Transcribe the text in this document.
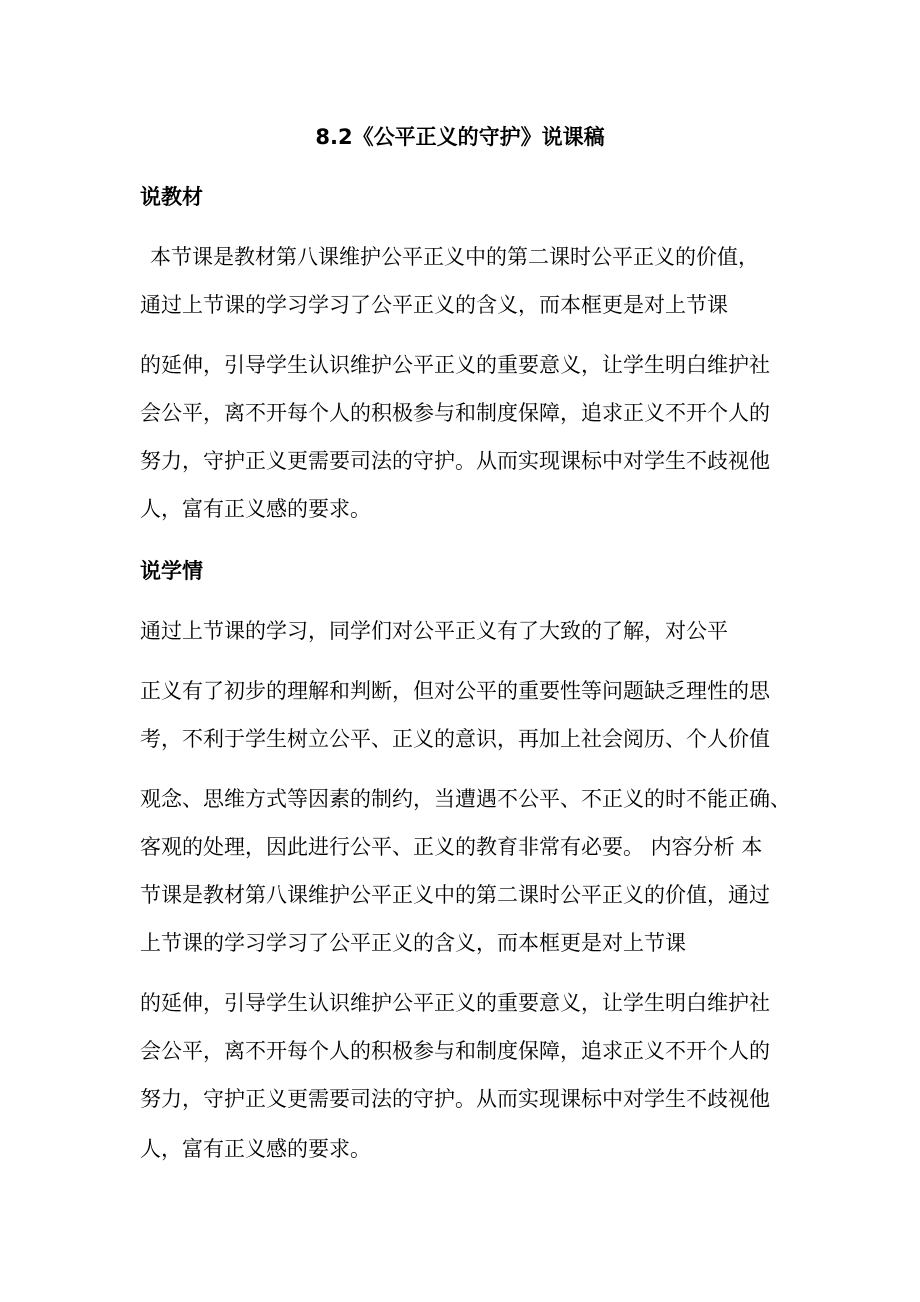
8.2《公平正义的守护》说课稿
说教材
本节课是教材第八课维护公平正义中的第二课时公平正义的价值，
通过上节课的学习学习了公平正义的含义，而本框更是对上节课
的延伸，引导学生认识维护公平正义的重要意义，让学生明白维护社
会公平，离不开每个人的积极参与和制度保障，追求正义不开个人的
努力，守护正义更需要司法的守护。从而实现课标中对学生不歧视他
人，富有正义感的要求。
说学情
通过上节课的学习，同学们对公平正义有了大致的了解，对公平
正义有了初步的理解和判断，但对公平的重要性等问题缺乏理性的思
考，不利于学生树立公平、正义的意识，再加上社会阅历、个人价值
观念、思维方式等因素的制约，当遭遇不公平、不正义的时不能正确、
客观的处理，因此进行公平、正义的教育非常有必要。 内容分析 本
节课是教材第八课维护公平正义中的第二课时公平正义的价值，通过
上节课的学习学习了公平正义的含义，而本框更是对上节课
的延伸，引导学生认识维护公平正义的重要意义，让学生明白维护社
会公平，离不开每个人的积极参与和制度保障，追求正义不开个人的
努力，守护正义更需要司法的守护。从而实现课标中对学生不歧视他
人，富有正义感的要求。
